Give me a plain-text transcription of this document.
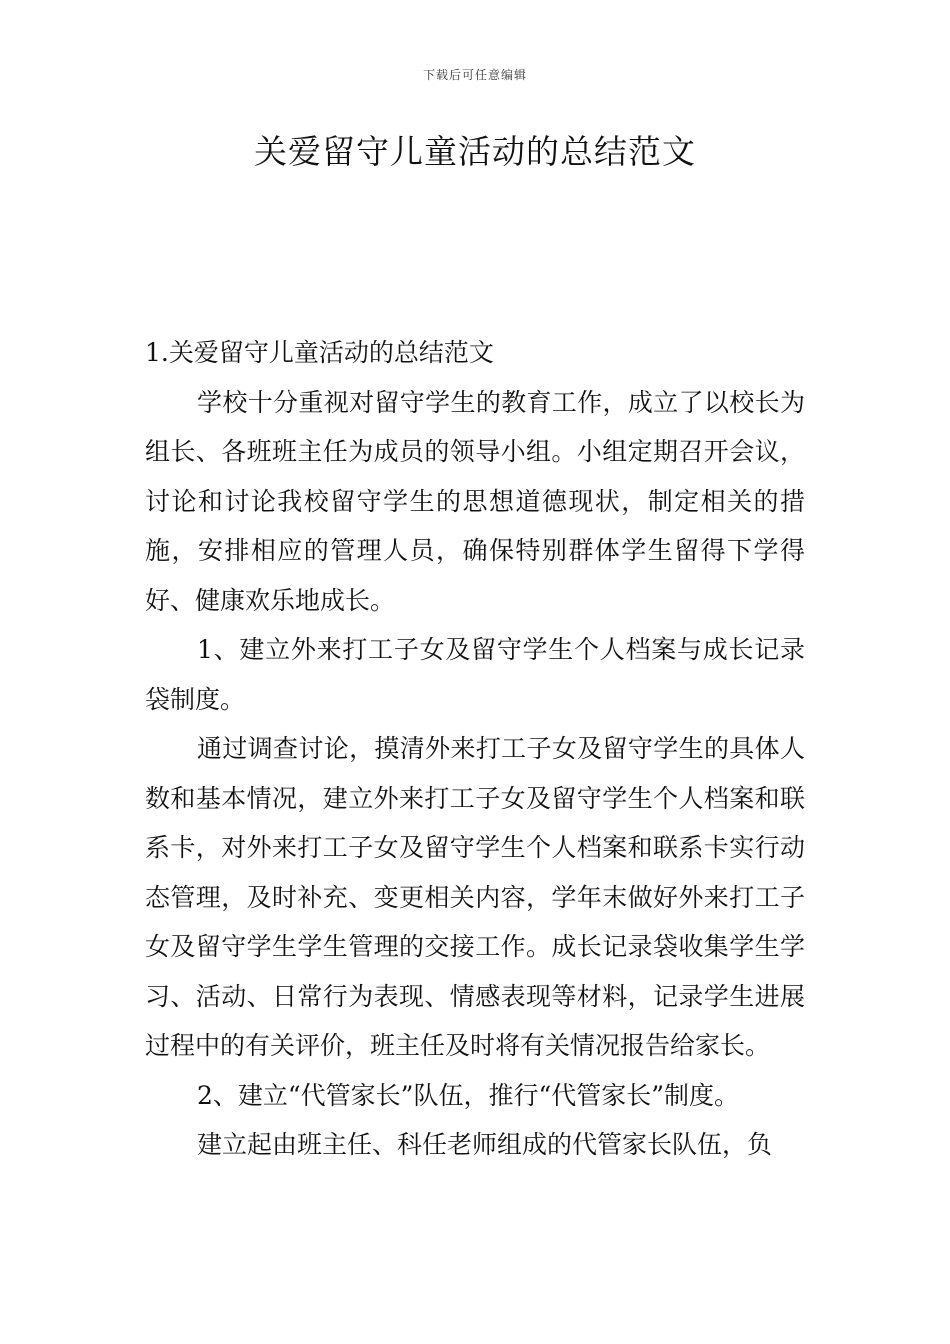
下载后可任意编辑
关爱留守儿童活动的总结范文

1.关爱留守儿童活动的总结范文

学校十分重视对留守学生的教育工作，成立了以校长为组长、各班班主任为成员的领导小组。小组定期召开会议，讨论和讨论我校留守学生的思想道德现状，制定相关的措施，安排相应的管理人员，确保特别群体学生留得下学得好、健康欢乐地成长。

1、建立外来打工子女及留守学生个人档案与成长记录袋制度。

通过调查讨论，摸清外来打工子女及留守学生的具体人数和基本情况，建立外来打工子女及留守学生个人档案和联系卡，对外来打工子女及留守学生个人档案和联系卡实行动态管理，及时补充、变更相关内容，学年末做好外来打工子女及留守学生学生管理的交接工作。成长记录袋收集学生学习、活动、日常行为表现、情感表现等材料，记录学生进展过程中的有关评价，班主任及时将有关情况报告给家长。

2、建立“代管家长”队伍，推行“代管家长”制度。

建立起由班主任、科任老师组成的代管家长队伍，负
